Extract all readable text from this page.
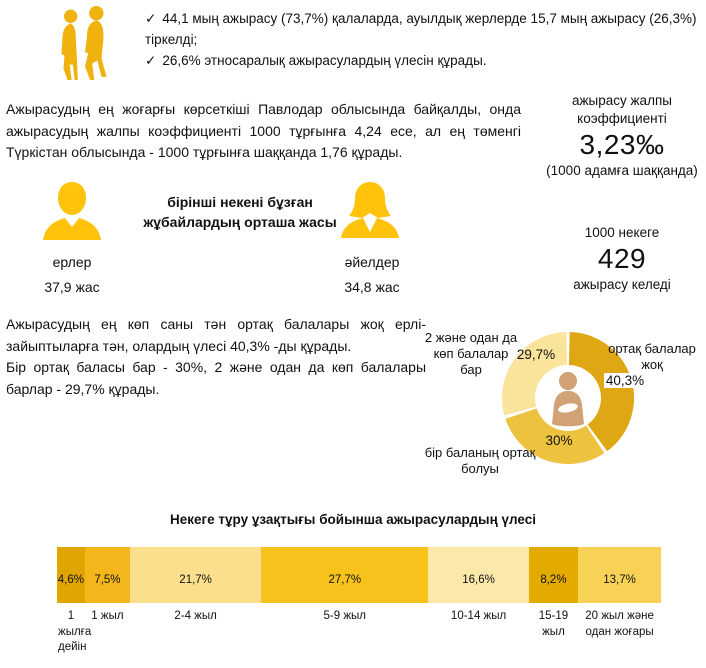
✓ 44,1 мың ажырасу (73,7%) қалаларда, ауылдық жерлерде 15,7 мың ажырасу (26,3%) тіркелді;

✓ 26,6% этносаралық ажырасулардың үлесін құрады.

Ажырасудың ең жоғарғы көрсеткіші Павлодар облысында байқалды, онда ажырасудың жалпы коэффициенті 1000 тұрғынға 4,24 есе, ал ең төменгі Түркістан облысында - 1000 тұрғынға шаққанда 1,76 құрады.

ажырасу жалпы
коэффициенті
3,23‰
(1000 адамға шаққанда)
бірінші некені бұзған жұбайлардың орташа жасы
ерлер
37,9 жас
әйелдер
34,8 жас
1000 некеге
429
ажырасу келеді

Ажырасудың ең көп саны тән ортақ балалары жоқ ерлі-зайыптыларға тән, олардың үлесі 40,3% -ды құрады.

Бір ортақ баласы бар - 30%, 2 және одан да көп балалары барлар - 29,7% құрады.

2 және одан да көп балалар бар
29,7%	ортақ балалар жоқ
40,3%
30%
бір баланың ортақ болуы
Некеге тұру ұзақтығы бойынша ажырасулардың үлесі
4,6% 7,5%	21,7%	27,7%	16,6%	8,2%	13,7%
1 жылға дейін
1 жыл	2-4 жыл	5-9 жыл	10-14 жыл	15-19 жыл
20 жыл және одан жоғары
